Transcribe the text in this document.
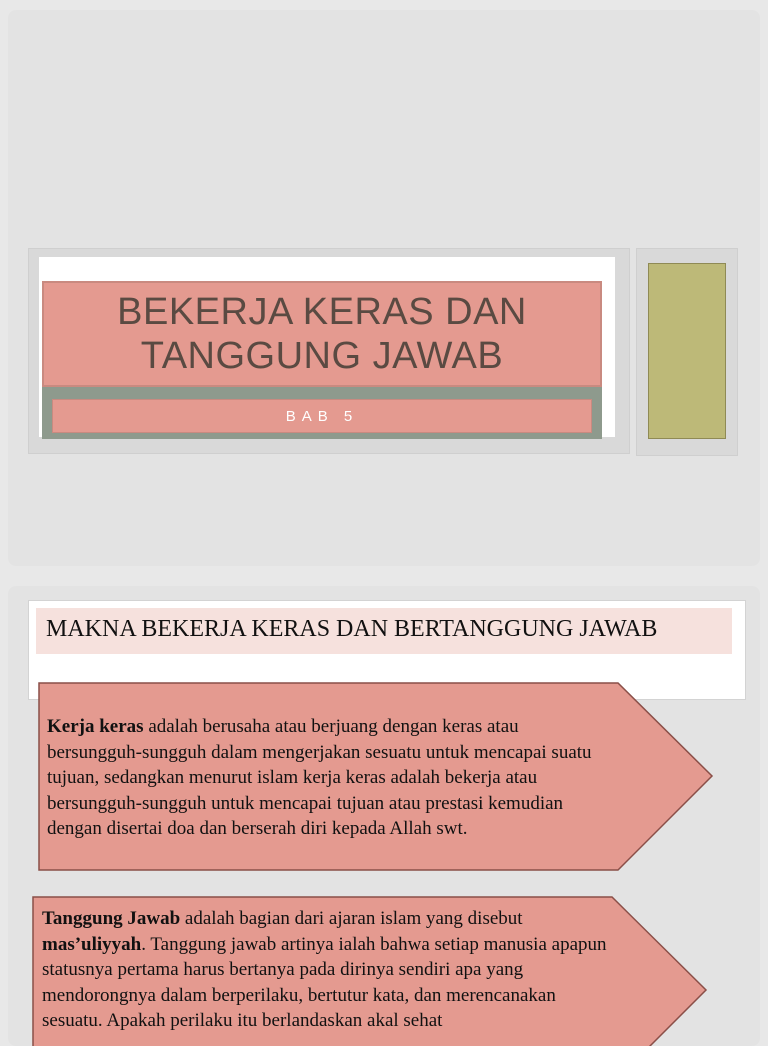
BEKERJA KERAS DAN
TANGGUNG JAWAB
BAB 5
MAKNA BEKERJA KERAS DAN BERTANGGUNG JAWAB
Kerja keras adalah berusaha atau berjuang dengan keras atau bersungguh-sungguh dalam mengerjakan sesuatu untuk mencapai suatu tujuan, sedangkan menurut islam kerja keras adalah bekerja atau bersungguh-sungguh untuk mencapai tujuan atau prestasi kemudian dengan disertai doa dan berserah diri kepada Allah swt.
Tanggung Jawab adalah bagian dari ajaran islam yang disebut mas’uliyyah. Tanggung jawab artinya ialah bahwa setiap manusia apapun statusnya pertama harus bertanya pada dirinya sendiri apa yang mendorongnya dalam berperilaku, bertutur kata, dan merencanakan sesuatu. Apakah perilaku itu berlandaskan akal sehat
